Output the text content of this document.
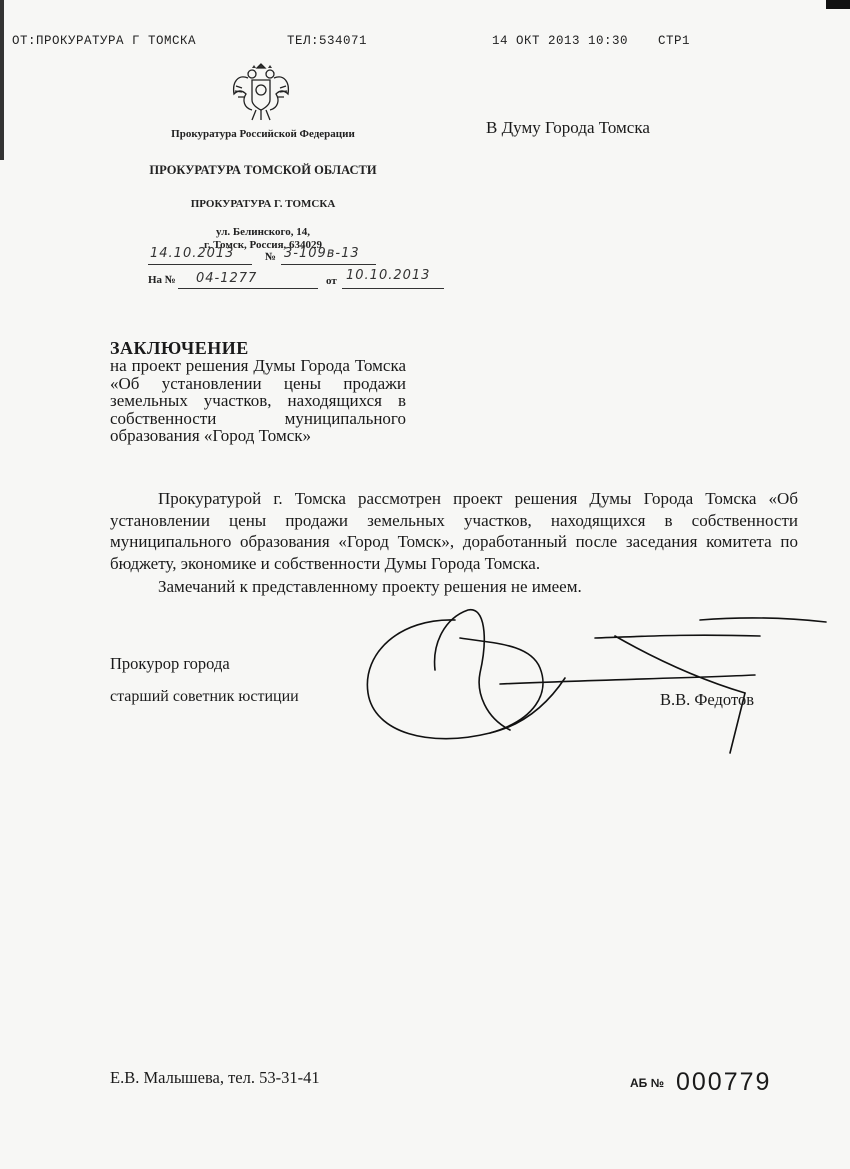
ОТ:ПРОКУРАТУРА Г ТОМСКА	ТЕЛ:534071	14 ОКТ 2013 10:30 СТР1
Прокуратура Российской Федерации
ПРОКУРАТУРА ТОМСКОЙ ОБЛАСТИ
ПРОКУРАТУРА Г. ТОМСКА
ул. Белинского, 14,
г. Томск, Россия, 634029
В Думу Города Томска
14.10.2013	№ 3-109в-13
На № 04-1277	от 10.10.2013
ЗАКЛЮЧЕНИЕ
на проект решения Думы Города Томска «Об установлении цены продажи земельных участков, находящихся в собственности муниципального образования «Город Томск»

Прокуратурой г. Томска рассмотрен проект решения Думы Города Томска «Об установлении цены продажи земельных участков, находящихся в собственности муниципального образования «Город Томск», доработанный после заседания комитета по бюджету, экономике и собственности Думы Города Томска.

Замечаний к представленному проекту решения не имеем.

Прокурор города
старший советник юстиции	В.В. Федотов
Е.В. Малышева, тел. 53-31-41	АБ № 000779
